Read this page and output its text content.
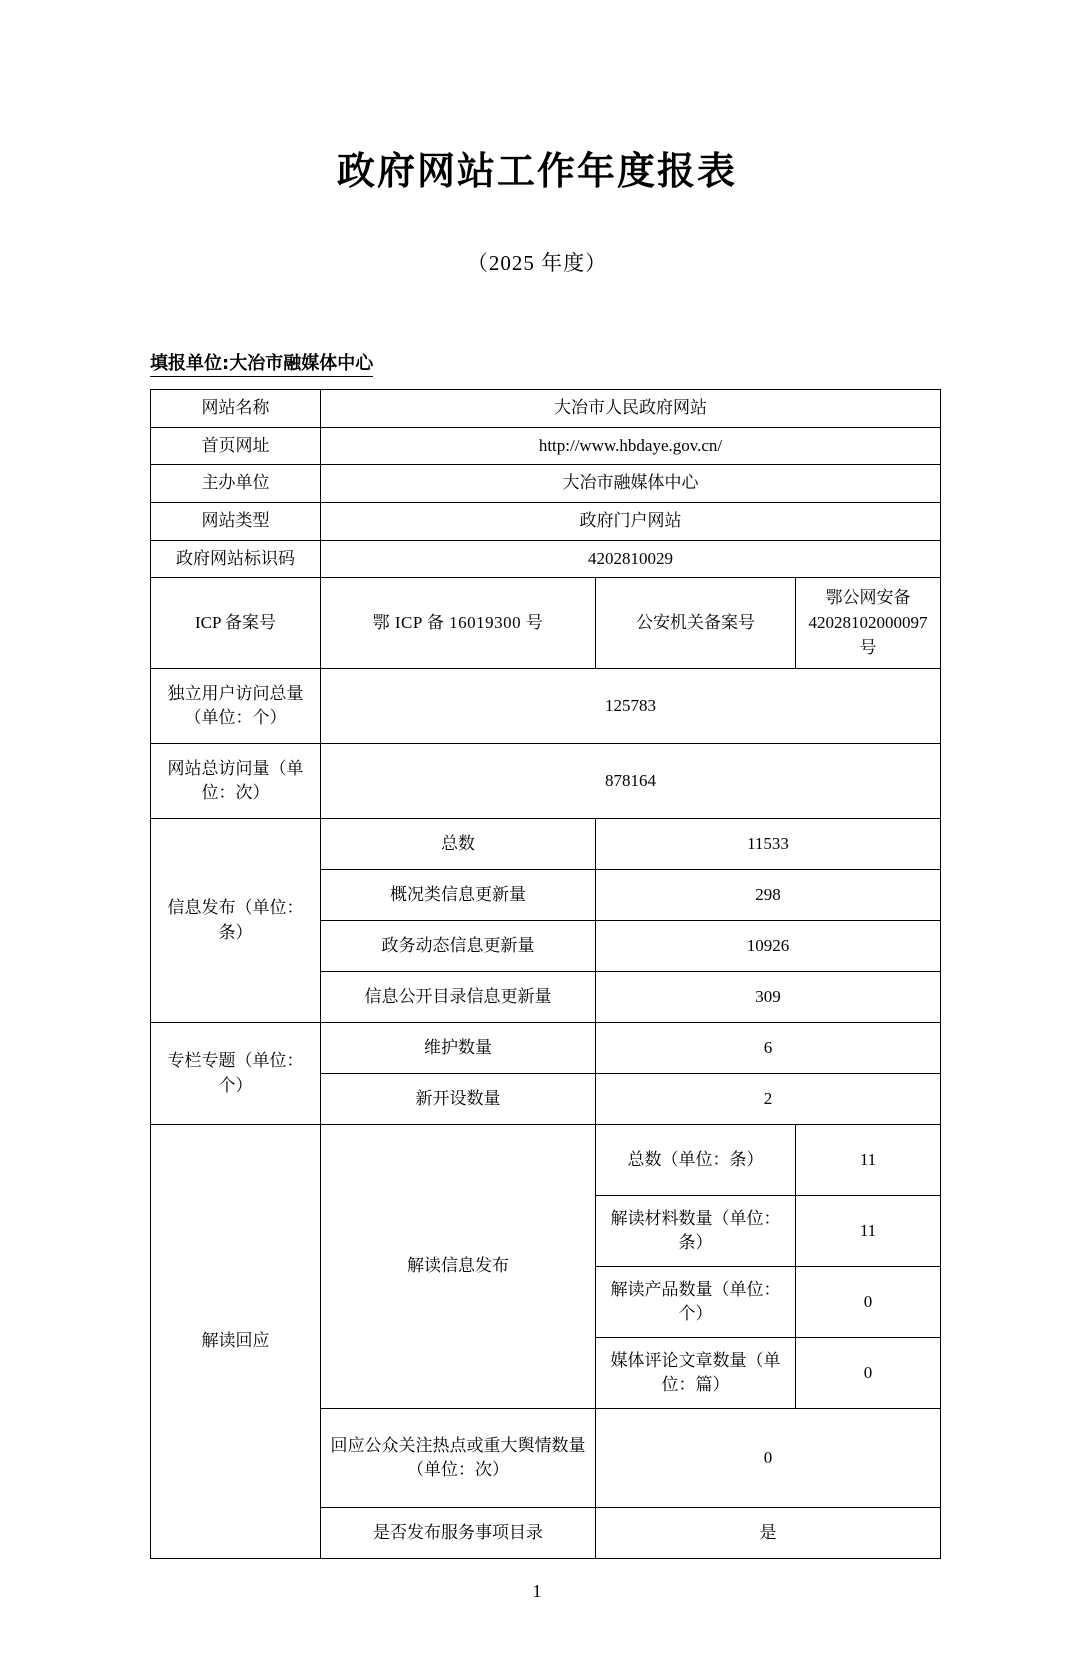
政府网站工作年度报表
（2025 年度）
填报单位:大冶市融媒体中心
网站名称	大冶市人民政府网站		
首页网址	http://www.hbdaye.gov.cn/		
主办单位	大冶市融媒体中心		
网站类型	政府门户网站		
政府网站标识码	4202810029		
ICP 备案号	鄂 ICP 备 16019300 号	公安机关备案号	鄂公网安备 42028102000097 号
独立用户访问总量（单位：个）	125783		
网站总访问量（单位：次）	878164		
信息发布（单位：条）	总数	11533	
	概况类信息更新量	298	
	政务动态信息更新量	10926	
	信息公开目录信息更新量	309	
专栏专题（单位：个）	维护数量	6	
	新开设数量	2	
解读回应	解读信息发布	总数（单位：条）	11
		解读材料数量（单位：条）	11
		解读产品数量（单位：个）	0
		媒体评论文章数量（单位：篇）	0
	回应公众关注热点或重大舆情数量（单位：次）	0	
	是否发布服务事项目录	是	
1
